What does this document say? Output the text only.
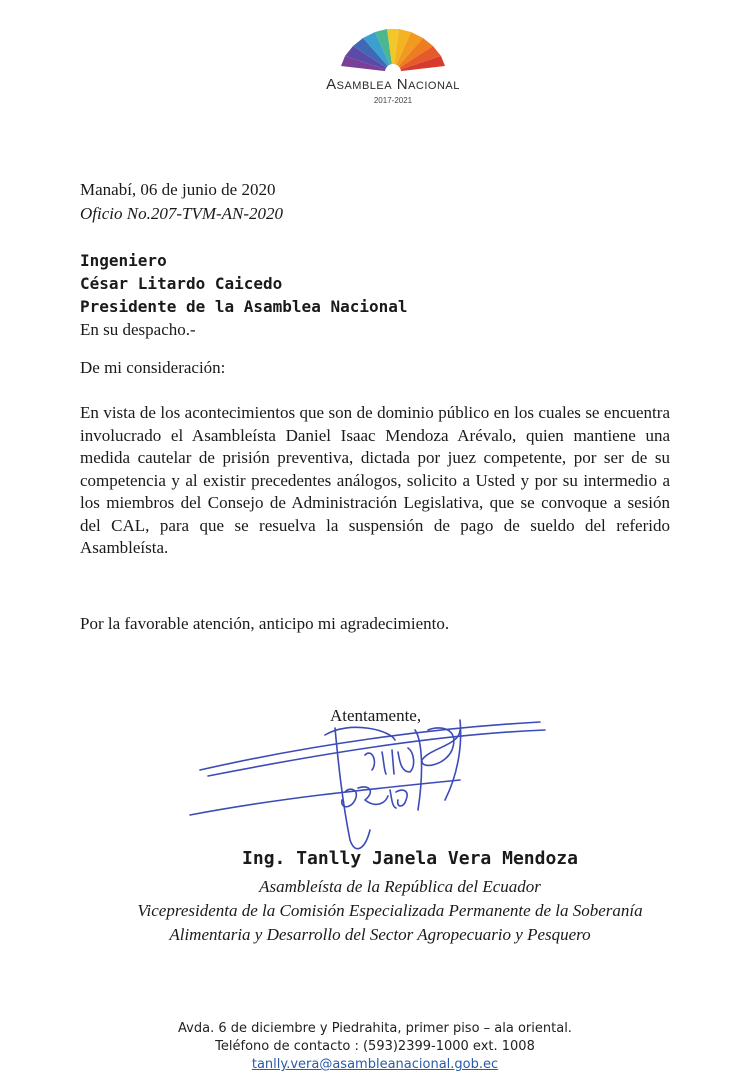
Asamblea Nacional
2017-2021
Manabí, 06 de junio de 2020
Oficio No.207-TVM-AN-2020
Ingeniero
César Litardo Caicedo
Presidente de la Asamblea Nacional
En su despacho.-
De mi consideración:
En vista de los acontecimientos que son de dominio público en los cuales se encuentra involucrado el Asambleísta Daniel Isaac Mendoza Arévalo, quien mantiene una medida cautelar de prisión preventiva, dictada por juez competente, por ser de su competencia y al existir precedentes análogos, solicito a Usted y por su intermedio a los miembros del Consejo de Administración Legislativa, que se convoque a sesión del CAL, para que se resuelva la suspensión de pago de sueldo del referido Asambleísta.
Por la favorable atención, anticipo mi agradecimiento.
Atentamente,
Ing. Tanlly Janela Vera Mendoza
Asambleísta de la República del Ecuador
Vicepresidenta de la Comisión Especializada Permanente de la Soberanía
Alimentaria y Desarrollo del Sector Agropecuario y Pesquero
Avda. 6 de diciembre y Piedrahita, primer piso – ala oriental.
Teléfono de contacto : (593)2399-1000 ext. 1008
tanlly.vera@asambleanacional.gob.ec
